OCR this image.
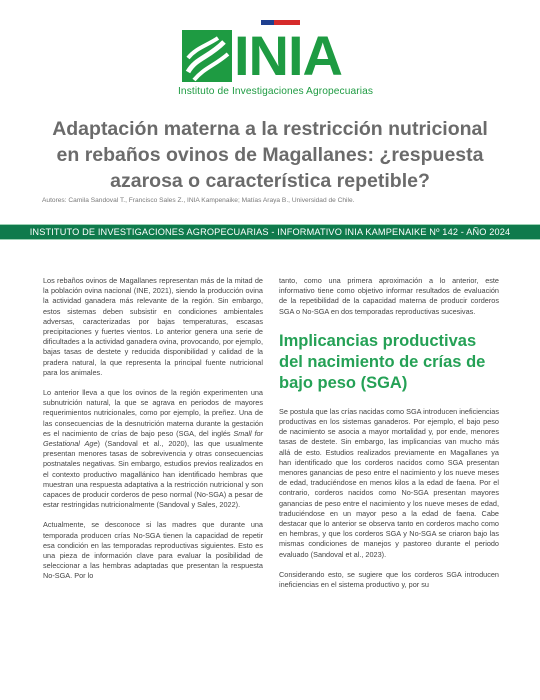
INIA
Instituto de Investigaciones Agropecuarias
Adaptación materna a la restricción nutricional en rebaños ovinos de Magallanes: ¿respuesta azarosa o característica repetible?
Autores: Camila Sandoval T., Francisco Sales Z., INIA Kampenaike; Matías Araya B., Universidad de Chile.
INSTITUTO DE INVESTIGACIONES AGROPECUARIAS - INFORMATIVO INIA KAMPENAIKE Nº 142 - AÑO 2024

Los rebaños ovinos de Magallanes representan más de la mitad de la población ovina nacional (INE, 2021), siendo la producción ovina la actividad ganadera más relevante de la región. Sin embargo, estos sistemas deben subsistir en condiciones ambientales adversas, caracterizadas por bajas temperaturas, escasas precipitaciones y fuertes vientos. Lo anterior genera una serie de dificultades a la actividad ganadera ovina, provocando, por ejemplo, bajas tasas de destete y reducida disponibilidad y calidad de la pradera natural, la que representa la principal fuente nutricional para los animales.

Lo anterior lleva a que los ovinos de la región experimenten una subnutrición natural, la que se agrava en periodos de mayores requerimientos nutricionales, como por ejemplo, la preñez. Una de las consecuencias de la desnutrición materna durante la gestación es el nacimiento de crías de bajo peso (SGA, del inglés Small for Gestational Age) (Sandoval et al., 2020), las que usualmente presentan menores tasas de sobrevivencia y otras consecuencias postnatales negativas. Sin embargo, estudios previos realizados en el contexto productivo magallánico han identificado hembras que muestran una respuesta adaptativa a la restricción nutricional y son capaces de producir corderos de peso normal (No-SGA) a pesar de estar restringidas nutricionalmente (Sandoval y Sales, 2022).

Actualmente, se desconoce si las madres que durante una temporada producen crías No-SGA tienen la capacidad de repetir esa condición en las temporadas reproductivas siguientes. Esto es una pieza de información clave para evaluar la posibilidad de seleccionar a las hembras adaptadas que presentan la respuesta No-SGA. Por lo

tanto, como una primera aproximación a lo anterior, este informativo tiene como objetivo informar resultados de evaluación de la repetibilidad de la capacidad materna de producir corderos SGA o No-SGA en dos temporadas reproductivas sucesivas.

Implicancias productivas del nacimiento de crías de bajo peso (SGA)

Se postula que las crías nacidas como SGA introducen ineficiencias productivas en los sistemas ganaderos. Por ejemplo, el bajo peso de nacimiento se asocia a mayor mortalidad y, por ende, menores tasas de destete. Sin embargo, las implicancias van mucho más allá de esto. Estudios realizados previamente en Magallanes ya han identificado que los corderos nacidos como SGA presentan menores ganancias de peso entre el nacimiento y los nueve meses de edad, traduciéndose en menos kilos a la edad de faena. Por el contrario, corderos nacidos como No-SGA presentan mayores ganancias de peso entre el nacimiento y los nueve meses de edad, traduciéndose en un mayor peso a la edad de faena. Cabe destacar que lo anterior se observa tanto en corderos macho como en hembras, y que los corderos SGA y No-SGA se criaron bajo las mismas condiciones de manejos y pastoreo durante el periodo evaluado (Sandoval et al., 2023).

Considerando esto, se sugiere que los corderos SGA introducen ineficiencias en el sistema productivo y, por su
